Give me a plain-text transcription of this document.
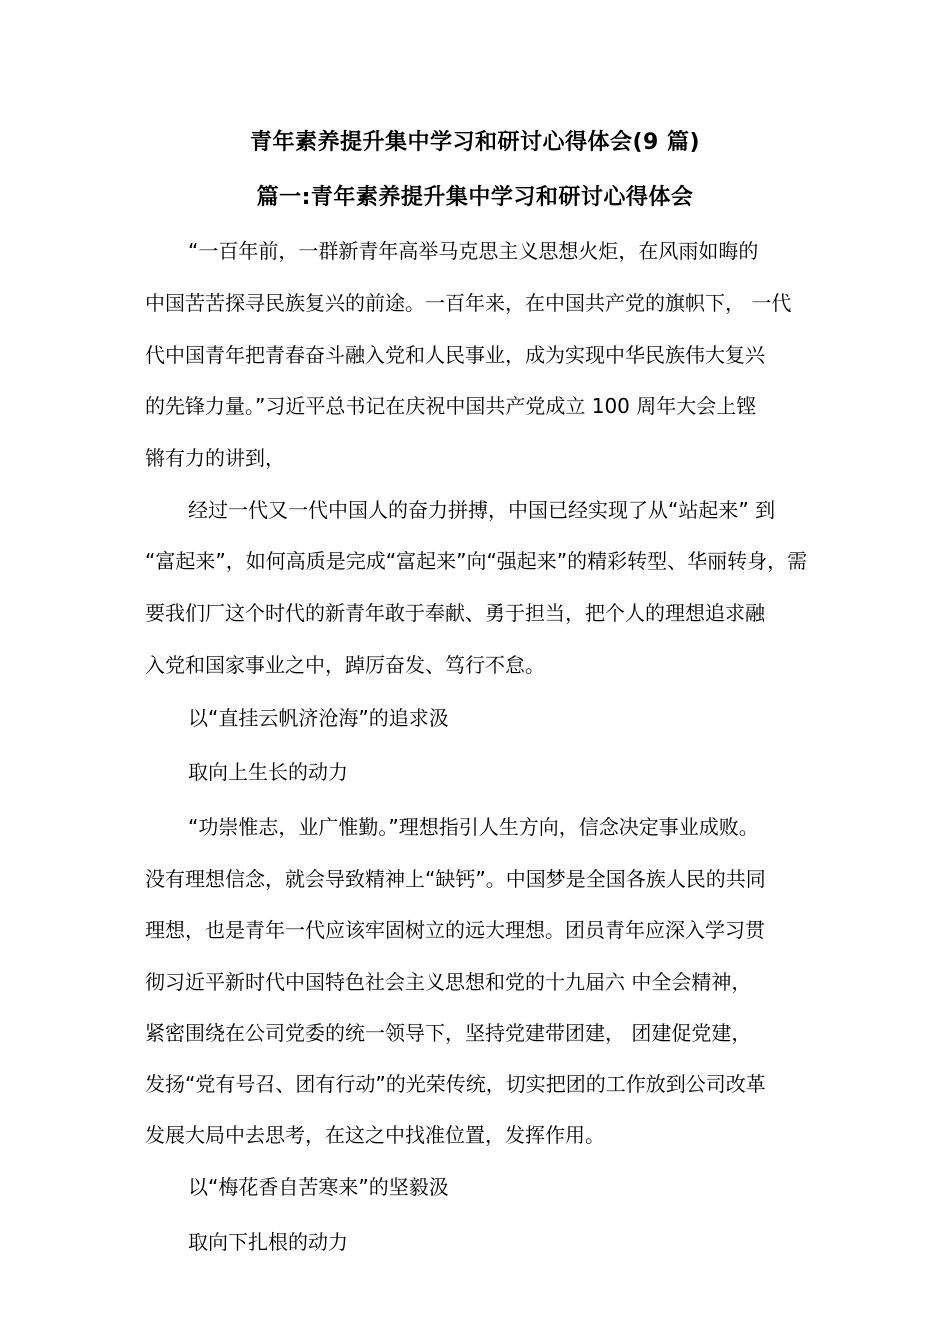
青年素养提升集中学习和研讨心得体会(9 篇)
篇一:青年素养提升集中学习和研讨心得体会
“一百年前，一群新青年高举马克思主义思想火炬，在风雨如晦的
中国苦苦探寻民族复兴的前途。一百年来，在中国共产党的旗帜下， 一代
代中国青年把青春奋斗融入党和人民事业，成为实现中华民族伟大复兴
的先锋力量。”习近平总书记在庆祝中国共产党成立 100 周年大会上铿
锵有力的讲到，
经过一代又一代中国人的奋力拼搏，中国已经实现了从“站起来” 到
“富起来”，如何高质是完成“富起来”向“强起来”的精彩转型、华丽转身，需
要我们厂这个时代的新青年敢于奉献、勇于担当，把个人的理想追求融
入党和国家事业之中，踔厉奋发、笃行不怠。
以“直挂云帆济沧海”的追求汲
取向上生长的动力
“功崇惟志，业广惟勤。”理想指引人生方向，信念决定事业成败。
没有理想信念，就会导致精神上“缺钙”。中国梦是全国各族人民的共同
理想，也是青年一代应该牢固树立的远大理想。团员青年应深入学习贯
彻习近平新时代中国特色社会主义思想和党的十九届六 中全会精神，
紧密围绕在公司党委的统一领导下，坚持党建带团建， 团建促党建，
发扬“党有号召、团有行动”的光荣传统，切实把团的工作放到公司改革
发展大局中去思考，在这之中找准位置，发挥作用。
以“梅花香自苦寒来”的坚毅汲
取向下扎根的动力
